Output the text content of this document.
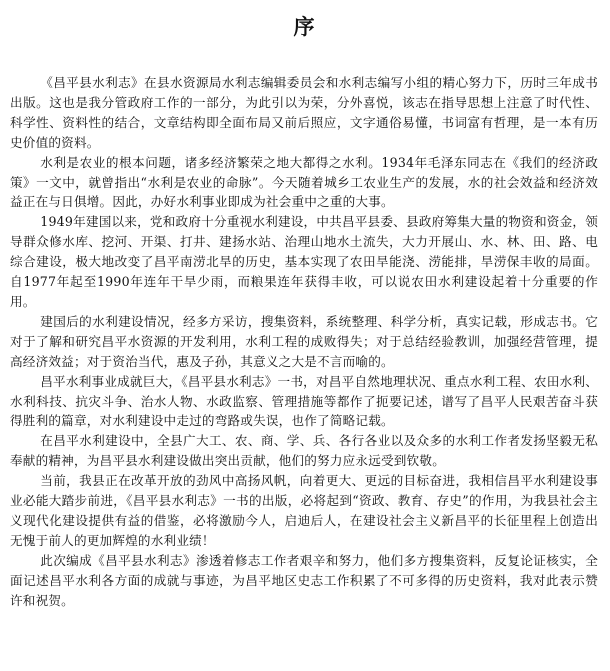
序

《昌平县水利志》在县水资源局水利志编辑委员会和水利志编写小组的精心努力下，历时三年成书出版。这也是我分管政府工作的一部分，为此引以为荣，分外喜悦，该志在指导思想上注意了时代性、科学性、资料性的结合，文章结构即全面布局又前后照应，文字通俗易懂，书词富有哲理，是一本有历史价值的资料。

水利是农业的根本问题，诸多经济繁荣之地大都得之水利。1934年毛泽东同志在《我们的经济政策》一文中，就曾指出“水利是农业的命脉”。今天随着城乡工农业生产的发展，水的社会效益和经济效益正在与日俱增。因此，办好水利事业即成为社会重中之重的大事。

1949年建国以来，党和政府十分重视水利建设，中共昌平县委、县政府筹集大量的物资和资金，领导群众修水库、挖河、开渠、打井、建扬水站、治理山地水土流失，大力开展山、水、林、田、路、电综合建设，极大地改变了昌平南涝北旱的历史，基本实现了农田旱能浇、涝能排，旱涝保丰收的局面。自1977年起至1990年连年干旱少雨，而粮果连年获得丰收，可以说农田水利建设起着十分重要的作用。

建国后的水利建设情况，经多方采访，搜集资料，系统整理、科学分析，真实记载，形成志书。它对于了解和研究昌平水资源的开发利用，水利工程的成败得失；对于总结经验教训，加强经营管理，提高经济效益；对于资治当代，惠及子孙，其意义之大是不言而喻的。

昌平水利事业成就巨大，《昌平县水利志》一书，对昌平自然地理状况、重点水利工程、农田水利、水利科技、抗灾斗争、治水人物、水政监察、管理措施等都作了扼要记述，谱写了昌平人民艰苦奋斗获得胜利的篇章，对水利建设中走过的弯路或失误，也作了简略记载。

在昌平水利建设中，全县广大工、农、商、学、兵、各行各业以及众多的水利工作者发扬坚毅无私奉献的精神，为昌平县水利建设做出突出贡献，他们的努力应永远受到钦敬。

当前，我县正在改革开放的劲风中高扬风帆，向着更大、更远的目标奋进，我相信昌平水利建设事业必能大踏步前进，《昌平县水利志》一书的出版，必将起到“资政、教育、存史”的作用，为我县社会主义现代化建设提供有益的借鉴，必将激励今人，启迪后人，在建设社会主义新昌平的长征里程上创造出无愧于前人的更加辉煌的水利业绩！

此次编成《昌平县水利志》渗透着修志工作者艰辛和努力，他们多方搜集资料，反复论证核实，全面记述昌平水利各方面的成就与事迹，为昌平地区史志工作积累了不可多得的历史资料，我对此表示赞许和祝贺。
